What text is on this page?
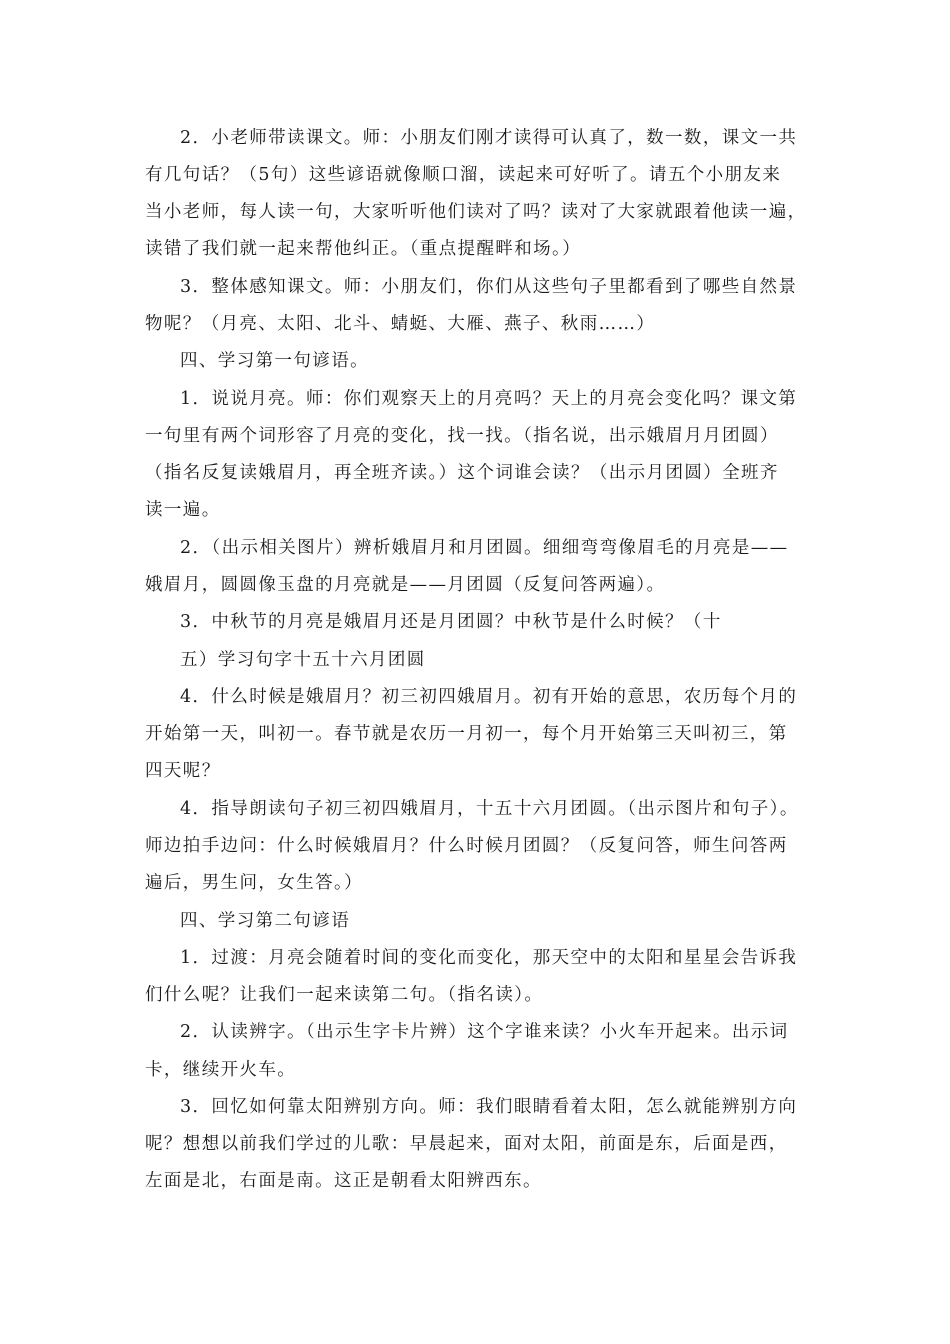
2．小老师带读课文。师：小朋友们刚才读得可认真了，数一数，课文一共
有几句话？（5句）这些谚语就像顺口溜，读起来可好听了。请五个小朋友来
当小老师，每人读一句，大家听听他们读对了吗？读对了大家就跟着他读一遍，
读错了我们就一起来帮他纠正。（重点提醒畔和场。）
3．整体感知课文。师：小朋友们，你们从这些句子里都看到了哪些自然景
物呢？（月亮、太阳、北斗、蜻蜓、大雁、燕子、秋雨……）
四、学习第一句谚语。
1．说说月亮。师：你们观察天上的月亮吗？天上的月亮会变化吗？课文第
一句里有两个词形容了月亮的变化，找一找。（指名说，出示娥眉月月团圆）
（指名反复读娥眉月，再全班齐读。）这个词谁会读？（出示月团圆）全班齐
读一遍。
2．（出示相关图片）辨析娥眉月和月团圆。细细弯弯像眉毛的月亮是——
娥眉月，圆圆像玉盘的月亮就是——月团圆（反复问答两遍）。
3．中秋节的月亮是娥眉月还是月团圆？中秋节是什么时候？（十
五）学习句字十五十六月团圆
4．什么时候是娥眉月？初三初四娥眉月。初有开始的意思，农历每个月的
开始第一天，叫初一。春节就是农历一月初一，每个月开始第三天叫初三，第
四天呢？
4．指导朗读句子初三初四娥眉月，十五十六月团圆。（出示图片和句子）。
师边拍手边问：什么时候娥眉月？什么时候月团圆？（反复问答，师生问答两
遍后，男生问，女生答。）
四、学习第二句谚语
1．过渡：月亮会随着时间的变化而变化，那天空中的太阳和星星会告诉我
们什么呢？让我们一起来读第二句。（指名读）。
2．认读辨字。（出示生字卡片辨）这个字谁来读？小火车开起来。出示词
卡，继续开火车。
3．回忆如何靠太阳辨别方向。师：我们眼睛看着太阳，怎么就能辨别方向
呢？想想以前我们学过的儿歌：早晨起来，面对太阳，前面是东，后面是西，
左面是北，右面是南。这正是朝看太阳辨西东。
